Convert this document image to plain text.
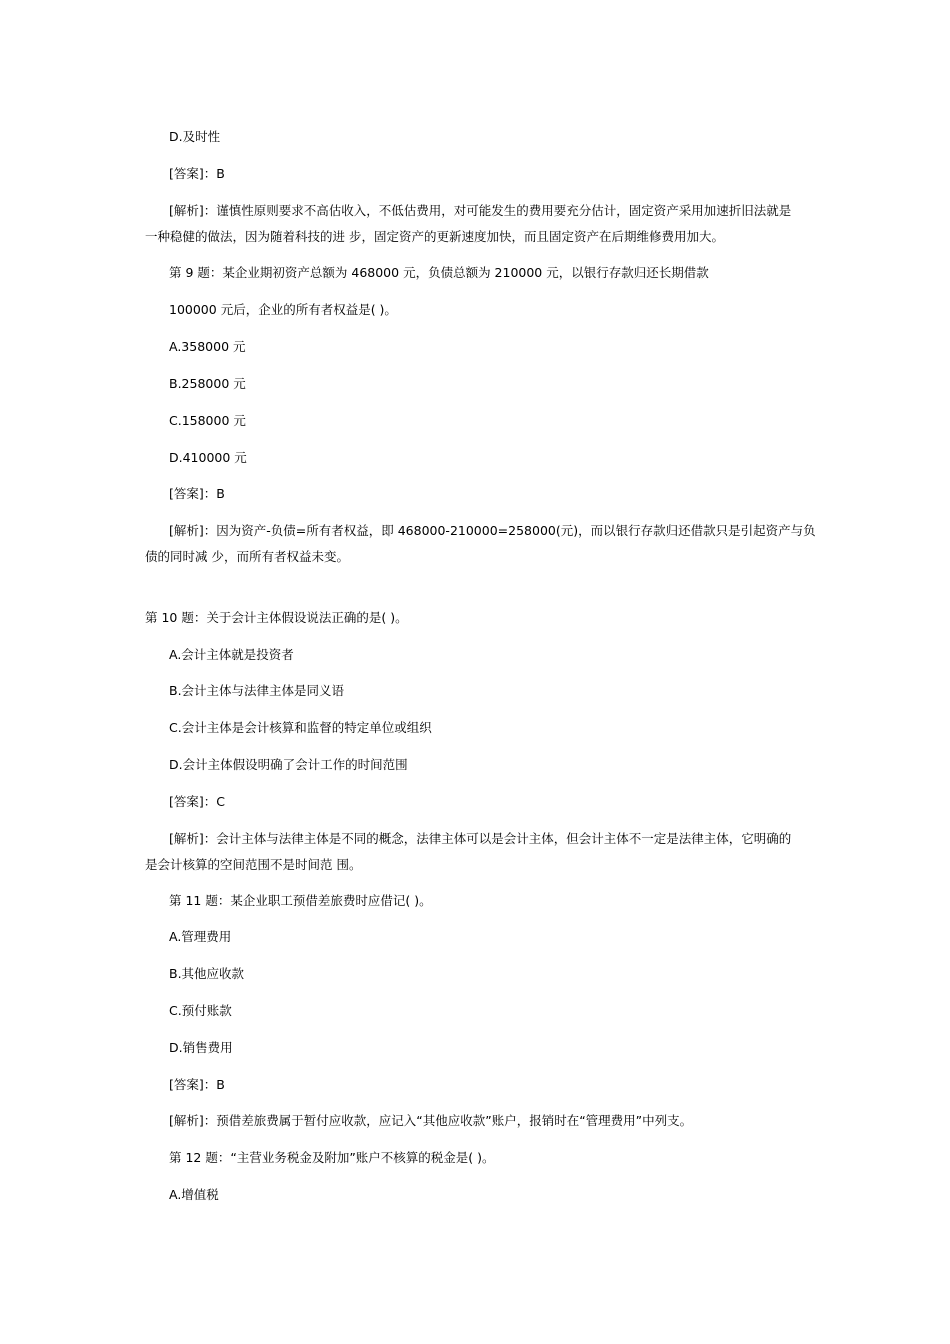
D.及时性
[答案]：B
[解析]：谨慎性原则要求不高估收入，不低估费用，对可能发生的费用要充分估计，固定资产采用加速折旧法就是
一种稳健的做法，因为随着科技的进 步，固定资产的更新速度加快，而且固定资产在后期维修费用加大。
第 9 题：某企业期初资产总额为 468000 元，负债总额为 210000 元，以银行存款归还长期借款
100000 元后，企业的所有者权益是( )。
A.358000 元
B.258000 元
C.158000 元
D.410000 元
[答案]：B
[解析]：因为资产-负债=所有者权益，即 468000-210000=258000(元)，而以银行存款归还借款只是引起资产与负
债的同时减 少，而所有者权益未变。
第 10 题：关于会计主体假设说法正确的是( )。
A.会计主体就是投资者
B.会计主体与法律主体是同义语
C.会计主体是会计核算和监督的特定单位或组织
D.会计主体假设明确了会计工作的时间范围
[答案]：C
[解析]：会计主体与法律主体是不同的概念，法律主体可以是会计主体，但会计主体不一定是法律主体，它明确的
是会计核算的空间范围不是时间范 围。
第 11 题：某企业职工预借差旅费时应借记( )。
A.管理费用
B.其他应收款
C.预付账款
D.销售费用
[答案]：B
[解析]：预借差旅费属于暂付应收款，应记入“其他应收款”账户，报销时在“管理费用”中列支。
第 12 题：“主营业务税金及附加”账户不核算的税金是( )。
A.增值税
